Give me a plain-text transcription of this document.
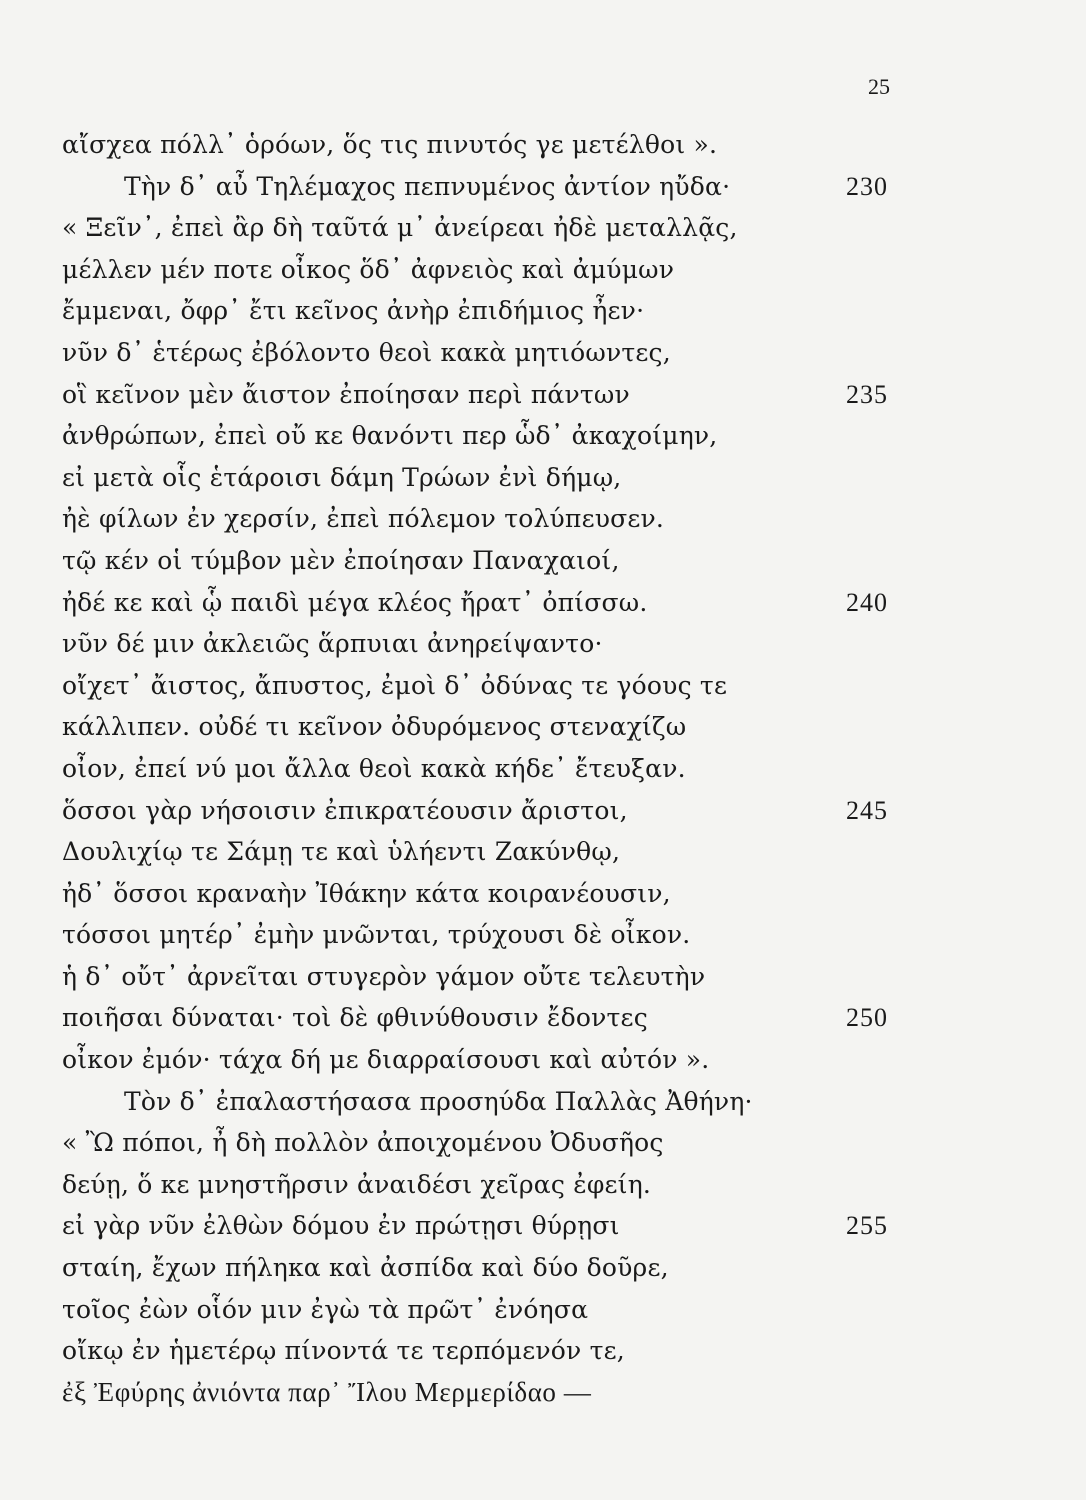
25
αἴσχεα πόλλ᾽ ὁρόων, ὅς τις πινυτός γε μετέλθοι ».
Τὴν δ᾽ αὖ Τηλέμαχος πεπνυμένος ἀντίον ηὔδα·	230
« Ξεῖν᾽, ἐπεὶ ἂρ δὴ ταῦτά μ᾽ ἀνείρεαι ἠδὲ μεταλλᾷς,
μέλλεν μέν ποτε οἶκος ὅδ᾽ ἀφνειὸς καὶ ἀμύμων
ἔμμεναι, ὄφρ᾽ ἔτι κεῖνος ἀνὴρ ἐπιδήμιος ἦεν·
νῦν δ᾽ ἑτέρως ἐβόλοντο θεοὶ κακὰ μητιόωντες,
οἳ κεῖνον μὲν ἄιστον ἐποίησαν περὶ πάντων	235
ἀνθρώπων, ἐπεὶ οὔ κε θανόντι περ ὧδ᾽ ἀκαχοίμην,
εἰ μετὰ οἷς ἑτάροισι δάμη Τρώων ἐνὶ δήμῳ,
ἠὲ φίλων ἐν χερσίν, ἐπεὶ πόλεμον τολύπευσεν.
τῷ κέν οἱ τύμβον μὲν ἐποίησαν Παναχαιοί,
ἠδέ κε καὶ ᾧ παιδὶ μέγα κλέος ἤρατ᾽ ὀπίσσω.	240
νῦν δέ μιν ἀκλειῶς ἅρπυιαι ἀνηρείψαντο·
οἴχετ᾽ ἄιστος, ἄπυστος, ἐμοὶ δ᾽ ὀδύνας τε γόους τε
κάλλιπεν. οὐδέ τι κεῖνον ὀδυρόμενος στεναχίζω
οἶον, ἐπεί νύ μοι ἄλλα θεοὶ κακὰ κήδε᾽ ἔτευξαν.
ὅσσοι γὰρ νήσοισιν ἐπικρατέουσιν ἄριστοι,	245
Δουλιχίῳ τε Σάμῃ τε καὶ ὑλήεντι Ζακύνθῳ,
ἠδ᾽ ὅσσοι κραναὴν Ἰθάκην κάτα κοιρανέουσιν,
τόσσοι μητέρ᾽ ἐμὴν μνῶνται, τρύχουσι δὲ οἶκον.
ἡ δ᾽ οὔτ᾽ ἀρνεῖται στυγερὸν γάμον οὔτε τελευτὴν
ποιῆσαι δύναται· τοὶ δὲ φθινύθουσιν ἔδοντες	250
οἶκον ἐμόν· τάχα δή με διαρραίσουσι καὶ αὐτόν ».
Τὸν δ᾽ ἐπαλαστήσασα προσηύδα Παλλὰς Ἀθήνη·
« Ὢ πόποι, ἦ δὴ πολλὸν ἀποιχομένου Ὀδυσῆος
δεύῃ, ὅ κε μνηστῆρσιν ἀναιδέσι χεῖρας ἐφείη.
εἰ γὰρ νῦν ἐλθὼν δόμου ἐν πρώτῃσι θύρῃσι	255
σταίη, ἔχων πήληκα καὶ ἀσπίδα καὶ δύο δοῦρε,
τοῖος ἐὼν οἷόν μιν ἐγὼ τὰ πρῶτ᾽ ἐνόησα
οἴκῳ ἐν ἡμετέρῳ πίνοντά τε τερπόμενόν τε,
ἐξ Ἐφύρης ἀνιόντα παρ᾽ Ἴλου Μερμερίδαο —
